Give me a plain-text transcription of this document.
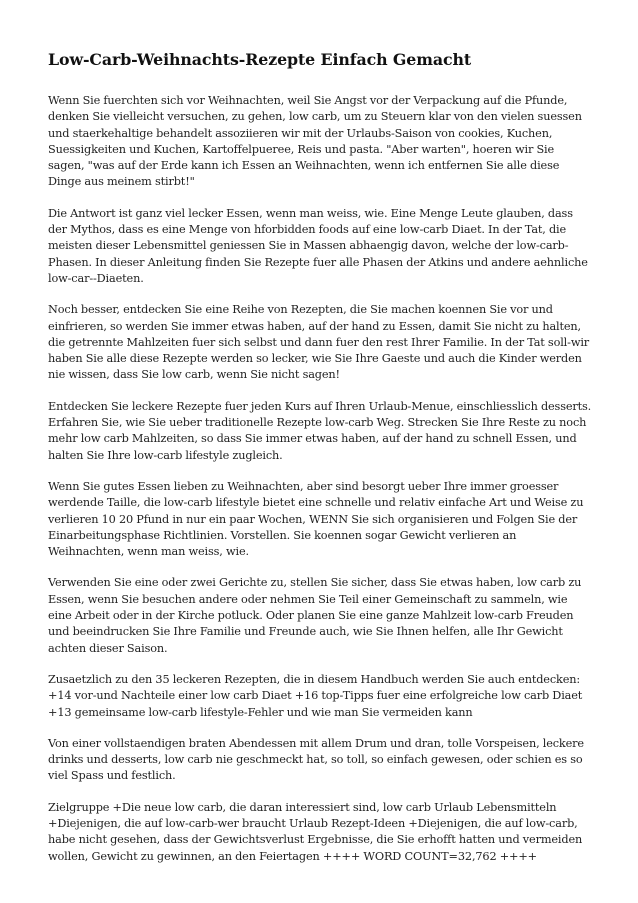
Low-Carb-Weihnachts-Rezepte Einfach Gemacht

Wenn Sie fuerchten sich vor Weihnachten, weil Sie Angst vor der Verpackung auf die Pfunde, denken Sie vielleicht versuchen, zu gehen, low carb, um zu Steuern klar von den vielen suessen und staerkehaltige behandelt assoziieren wir mit der Urlaubs-Saison von cookies, Kuchen, Suessigkeiten und Kuchen, Kartoffelpueree, Reis und pasta. "Aber warten", hoeren wir Sie sagen, "was auf der Erde kann ich Essen an Weihnachten, wenn ich entfernen Sie alle diese Dinge aus meinem stirbt!"

Die Antwort ist ganz viel lecker Essen, wenn man weiss, wie. Eine Menge Leute glauben, dass der Mythos, dass es eine Menge von hforbidden foods auf eine low-carb Diaet. In der Tat, die meisten dieser Lebensmittel geniessen Sie in Massen abhaengig davon, welche der low-carb-Phasen. In dieser Anleitung finden Sie Rezepte fuer alle Phasen der Atkins und andere aehnliche low-car--Diaeten.

Noch besser, entdecken Sie eine Reihe von Rezepten, die Sie machen koennen Sie vor und einfrieren, so werden Sie immer etwas haben, auf der hand zu Essen, damit Sie nicht zu halten, die getrennte Mahlzeiten fuer sich selbst und dann fuer den rest Ihrer Familie. In der Tat soll-wir haben Sie alle diese Rezepte werden so lecker, wie Sie Ihre Gaeste und auch die Kinder werden nie wissen, dass Sie low carb, wenn Sie nicht sagen!

Entdecken Sie leckere Rezepte fuer jeden Kurs auf Ihren Urlaub-Menue, einschliesslich desserts. Erfahren Sie, wie Sie ueber traditionelle Rezepte low-carb Weg. Strecken Sie Ihre Reste zu noch mehr low carb Mahlzeiten, so dass Sie immer etwas haben, auf der hand zu schnell Essen, und halten Sie Ihre low-carb lifestyle zugleich.

Wenn Sie gutes Essen lieben zu Weihnachten, aber sind besorgt ueber Ihre immer groesser werdende Taille, die low-carb lifestyle bietet eine schnelle und relativ einfache Art und Weise zu verlieren 10 20 Pfund in nur ein paar Wochen, WENN Sie sich organisieren und Folgen Sie der Einarbeitungsphase Richtlinien. Vorstellen. Sie koennen sogar Gewicht verlieren an Weihnachten, wenn man weiss, wie.

Verwenden Sie eine oder zwei Gerichte zu, stellen Sie sicher, dass Sie etwas haben, low carb zu Essen, wenn Sie besuchen andere oder nehmen Sie Teil einer Gemeinschaft zu sammeln, wie eine Arbeit oder in der Kirche potluck. Oder planen Sie eine ganze Mahlzeit low-carb Freuden und beeindrucken Sie Ihre Familie und Freunde auch, wie Sie Ihnen helfen, alle Ihr Gewicht achten dieser Saison.

Zusaetzlich zu den 35 leckeren Rezepten, die in diesem Handbuch werden Sie auch entdecken: +14 vor-und Nachteile einer low carb Diaet +16 top-Tipps fuer eine erfolgreiche low carb Diaet +13 gemeinsame low-carb lifestyle-Fehler und wie man Sie vermeiden kann

Von einer vollstaendigen braten Abendessen mit allem Drum und dran, tolle Vorspeisen, leckere drinks und desserts, low carb nie geschmeckt hat, so toll, so einfach gewesen, oder schien es so viel Spass und festlich.

Zielgruppe +Die neue low carb, die daran interessiert sind, low carb Urlaub Lebensmitteln +Diejenigen, die auf low-carb-wer braucht Urlaub Rezept-Ideen +Diejenigen, die auf low-carb, habe nicht gesehen, dass der Gewichtsverlust Ergebnisse, die Sie erhofft hatten und vermeiden wollen, Gewicht zu gewinnen, an den Feiertagen ++++ WORD COUNT=32,762 ++++
